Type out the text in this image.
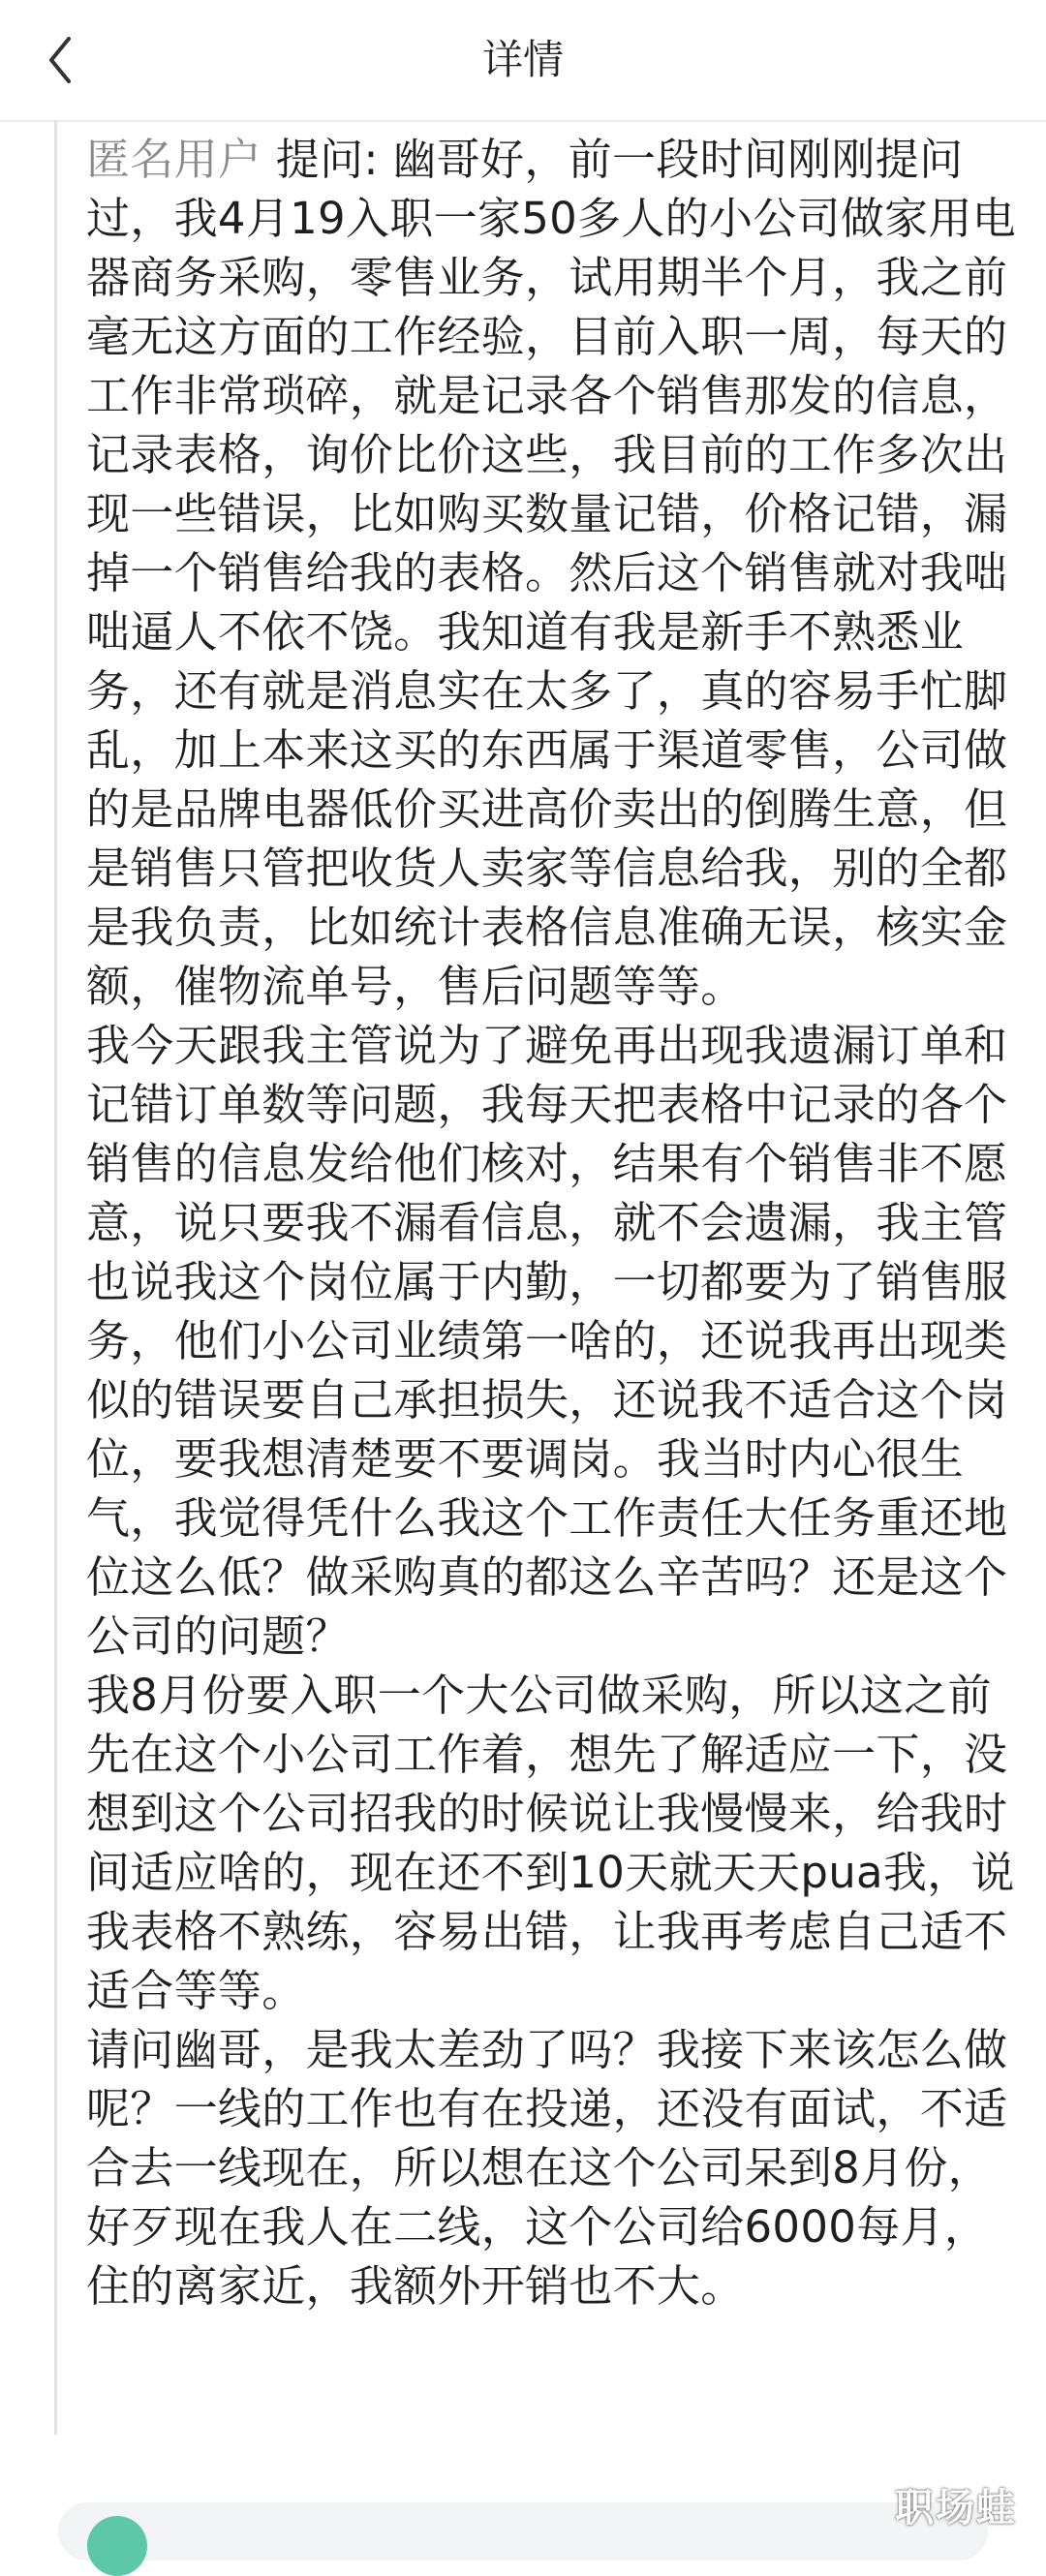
详情
匿名用户 提问: 幽哥好，前一段时间刚刚提问过，我4月19入职一家50多人的小公司做家用电器商务采购，零售业务，试用期半个月，我之前毫无这方面的工作经验，目前入职一周，每天的工作非常琐碎，就是记录各个销售那发的信息，记录表格，询价比价这些，我目前的工作多次出现一些错误，比如购买数量记错，价格记错，漏掉一个销售给我的表格。然后这个销售就对我咄咄逼人不依不饶。我知道有我是新手不熟悉业务，还有就是消息实在太多了，真的容易手忙脚乱，加上本来这买的东西属于渠道零售，公司做的是品牌电器低价买进高价卖出的倒腾生意，但是销售只管把收货人卖家等信息给我，别的全都是我负责，比如统计表格信息准确无误，核实金额，催物流单号，售后问题等等。
我今天跟我主管说为了避免再出现我遗漏订单和记错订单数等问题，我每天把表格中记录的各个销售的信息发给他们核对，结果有个销售非不愿意，说只要我不漏看信息，就不会遗漏，我主管也说我这个岗位属于内勤，一切都要为了销售服务，他们小公司业绩第一啥的，还说我再出现类似的错误要自己承担损失，还说我不适合这个岗位，要我想清楚要不要调岗。我当时内心很生气，我觉得凭什么我这个工作责任大任务重还地位这么低？做采购真的都这么辛苦吗？还是这个公司的问题？
我8月份要入职一个大公司做采购，所以这之前先在这个小公司工作着，想先了解适应一下，没想到这个公司招我的时候说让我慢慢来，给我时间适应啥的，现在还不到10天就天天pua我，说我表格不熟练，容易出错，让我再考虑自己适不适合等等。
请问幽哥，是我太差劲了吗？我接下来该怎么做呢？一线的工作也有在投递，还没有面试，不适合去一线现在，所以想在这个公司呆到8月份，好歹现在我人在二线，这个公司给6000每月，住的离家近，我额外开销也不大。
职场蛙
